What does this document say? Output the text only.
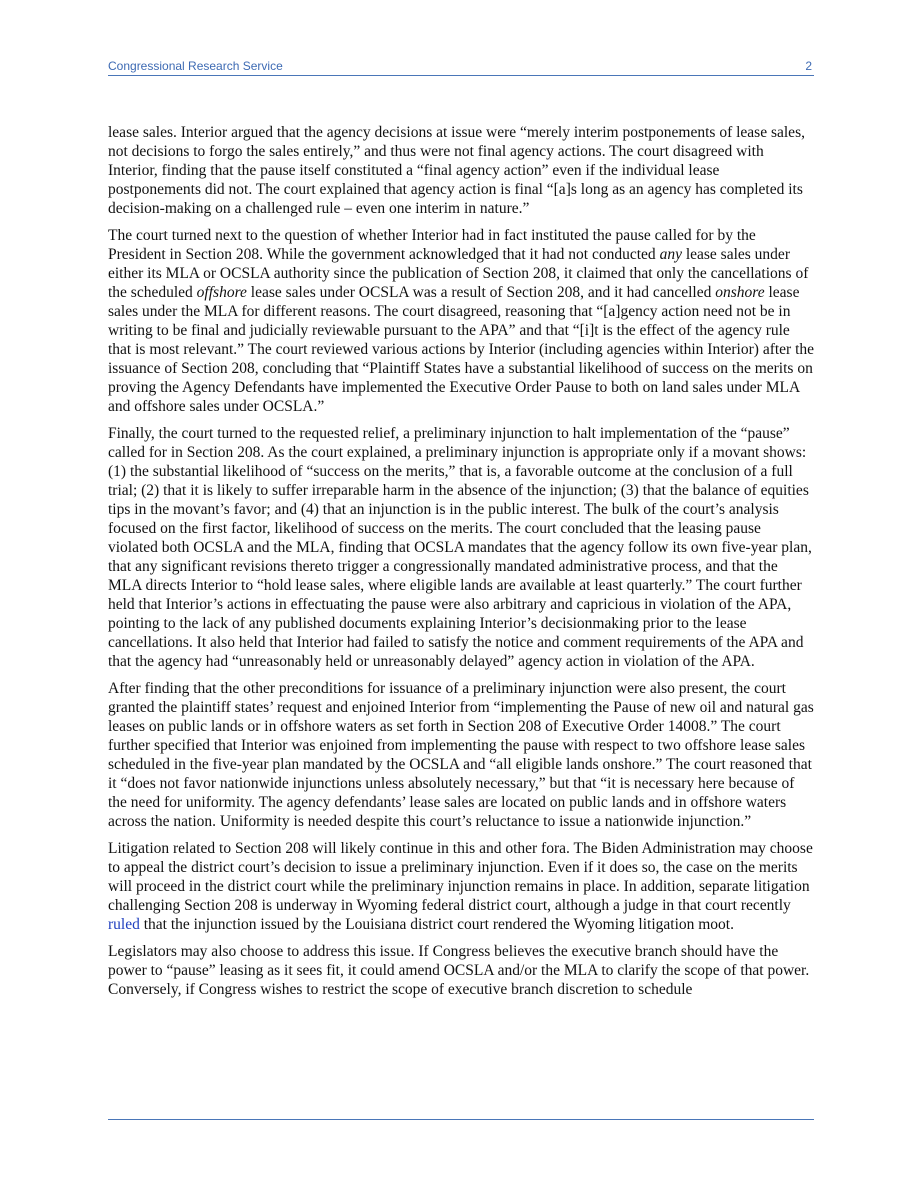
Congressional Research Service	2

lease sales. Interior argued that the agency decisions at issue were “merely interim postponements of lease sales, not decisions to forgo the sales entirely,” and thus were not final agency actions. The court disagreed with Interior, finding that the pause itself constituted a “final agency action” even if the individual lease postponements did not. The court explained that agency action is final “[a]s long as an agency has completed its decision-making on a challenged rule – even one interim in nature.”

The court turned next to the question of whether Interior had in fact instituted the pause called for by the President in Section 208. While the government acknowledged that it had not conducted any lease sales under either its MLA or OCSLA authority since the publication of Section 208, it claimed that only the cancellations of the scheduled offshore lease sales under OCSLA was a result of Section 208, and it had cancelled onshore lease sales under the MLA for different reasons. The court disagreed, reasoning that “[a]gency action need not be in writing to be final and judicially reviewable pursuant to the APA” and that “[i]t is the effect of the agency rule that is most relevant.” The court reviewed various actions by Interior (including agencies within Interior) after the issuance of Section 208, concluding that “Plaintiff States have a substantial likelihood of success on the merits on proving the Agency Defendants have implemented the Executive Order Pause to both on land sales under MLA and offshore sales under OCSLA.”

Finally, the court turned to the requested relief, a preliminary injunction to halt implementation of the “pause” called for in Section 208. As the court explained, a preliminary injunction is appropriate only if a movant shows: (1) the substantial likelihood of “success on the merits,” that is, a favorable outcome at the conclusion of a full trial; (2) that it is likely to suffer irreparable harm in the absence of the injunction; (3) that the balance of equities tips in the movant’s favor; and (4) that an injunction is in the public interest. The bulk of the court’s analysis focused on the first factor, likelihood of success on the merits. The court concluded that the leasing pause violated both OCSLA and the MLA, finding that OCSLA mandates that the agency follow its own five-year plan, that any significant revisions thereto trigger a congressionally mandated administrative process, and that the MLA directs Interior to “hold lease sales, where eligible lands are available at least quarterly.” The court further held that Interior’s actions in effectuating the pause were also arbitrary and capricious in violation of the APA, pointing to the lack of any published documents explaining Interior’s decisionmaking prior to the lease cancellations. It also held that Interior had failed to satisfy the notice and comment requirements of the APA and that the agency had “unreasonably held or unreasonably delayed” agency action in violation of the APA.

After finding that the other preconditions for issuance of a preliminary injunction were also present, the court granted the plaintiff states’ request and enjoined Interior from “implementing the Pause of new oil and natural gas leases on public lands or in offshore waters as set forth in Section 208 of Executive Order 14008.” The court further specified that Interior was enjoined from implementing the pause with respect to two offshore lease sales scheduled in the five-year plan mandated by the OCSLA and “all eligible lands onshore.” The court reasoned that it “does not favor nationwide injunctions unless absolutely necessary,” but that “it is necessary here because of the need for uniformity. The agency defendants’ lease sales are located on public lands and in offshore waters across the nation. Uniformity is needed despite this court’s reluctance to issue a nationwide injunction.”

Litigation related to Section 208 will likely continue in this and other fora. The Biden Administration may choose to appeal the district court’s decision to issue a preliminary injunction. Even if it does so, the case on the merits will proceed in the district court while the preliminary injunction remains in place. In addition, separate litigation challenging Section 208 is underway in Wyoming federal district court, although a judge in that court recently ruled that the injunction issued by the Louisiana district court rendered the Wyoming litigation moot.

Legislators may also choose to address this issue. If Congress believes the executive branch should have the power to “pause” leasing as it sees fit, it could amend OCSLA and/or the MLA to clarify the scope of that power. Conversely, if Congress wishes to restrict the scope of executive branch discretion to schedule
